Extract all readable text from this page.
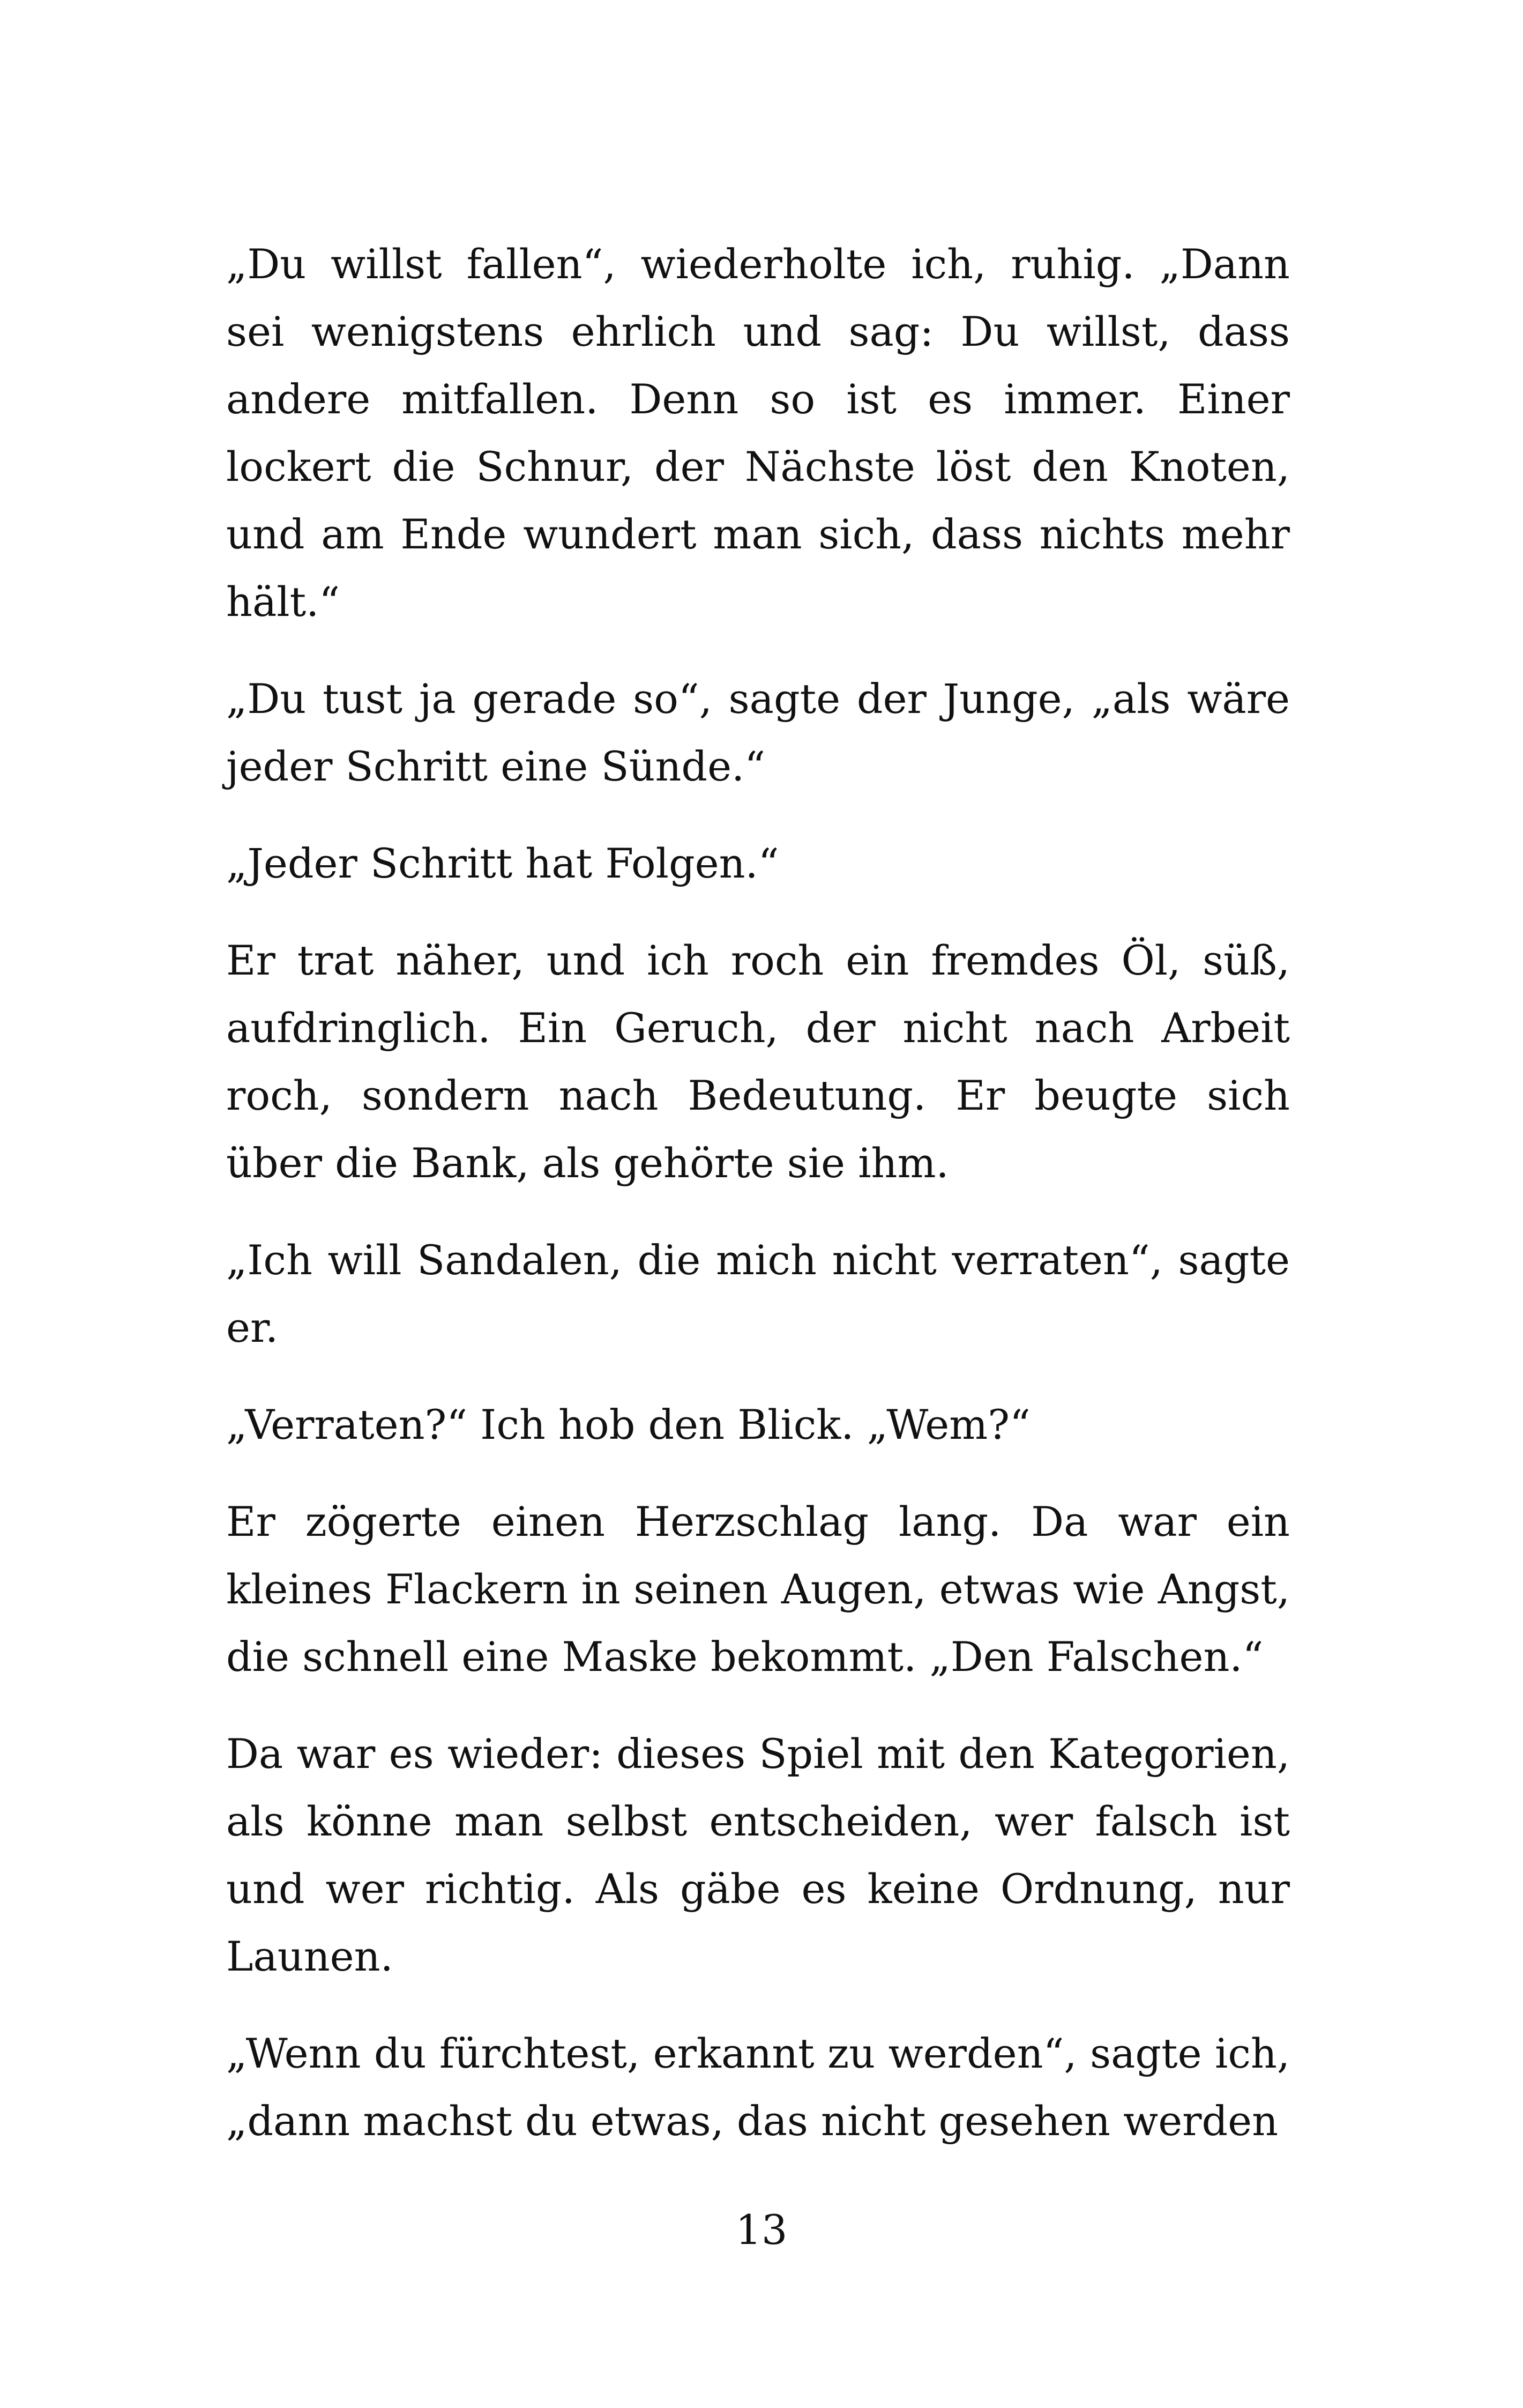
„Du willst fallen“, wiederholte ich, ruhig. „Dann sei wenigstens ehrlich und sag: Du willst, dass andere mitfallen. Denn so ist es immer. Einer lockert die Schnur, der Nächste löst den Knoten, und am Ende wundert man sich, dass nichts mehr hält.“

„Du tust ja gerade so“, sagte der Junge, „als wäre jeder Schritt eine Sünde.“

„Jeder Schritt hat Folgen.“

Er trat näher, und ich roch ein fremdes Öl, süß, aufdringlich. Ein Geruch, der nicht nach Arbeit roch, sondern nach Bedeutung. Er beugte sich über die Bank, als gehörte sie ihm.

„Ich will Sandalen, die mich nicht verraten“, sagte er.

„Verraten?“ Ich hob den Blick. „Wem?“

Er zögerte einen Herzschlag lang. Da war ein kleines Flackern in seinen Augen, etwas wie Angst, die schnell eine Maske bekommt. „Den Falschen.“

Da war es wieder: dieses Spiel mit den Kategorien, als könne man selbst entscheiden, wer falsch ist und wer richtig. Als gäbe es keine Ordnung, nur Launen.

„Wenn du fürchtest, erkannt zu werden“, sagte ich, „dann machst du etwas, das nicht gesehen werden

13
